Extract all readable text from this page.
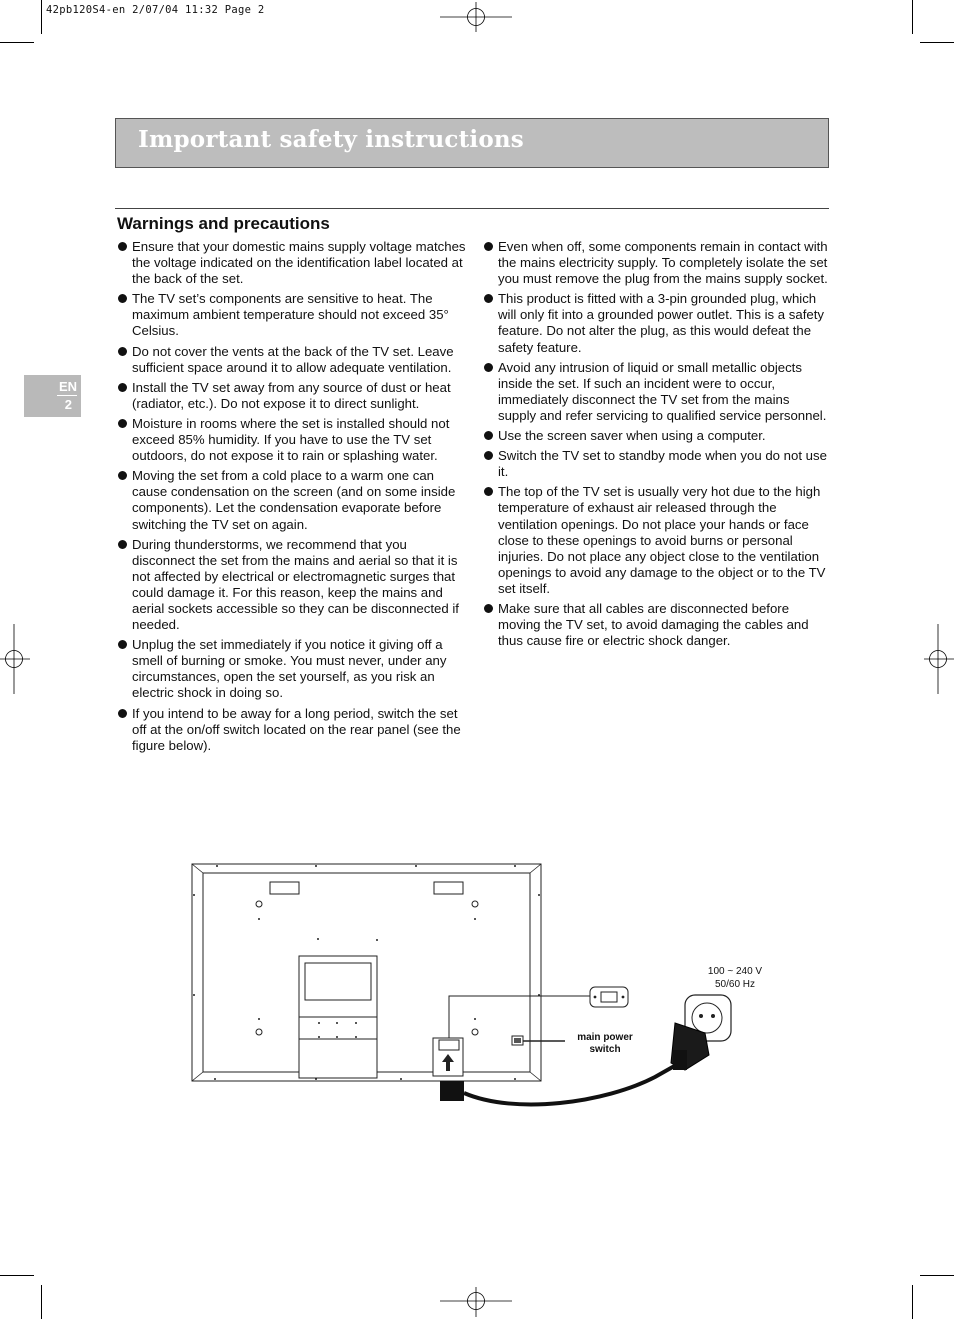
42pb120S4-en 2/07/04 11:32 Page 2
Important safety instructions
EN
2
Warnings and precautions
Ensure that your domestic mains supply voltage matches the voltage indicated on the identification label located at the back of the set.
The TV set’s components are sensitive to heat. The maximum ambient temperature should not exceed 35° Celsius.
Do not cover the vents at the back of the TV set. Leave sufficient space around it to allow adequate ventilation.
Install the TV set away from any source of dust or heat (radiator, etc.). Do not expose it to direct sunlight.
Moisture in rooms where the set is installed should not exceed 85% humidity. If you have to use the TV set outdoors, do not expose it to rain or splashing water.
Moving the set from a cold place to a warm one can cause condensation on the screen (and on some inside components). Let the condensation evaporate before switching the TV set on again.
During thunderstorms, we recommend that you disconnect the set from the mains and aerial so that it is not affected by electrical or electromagnetic surges that could damage it. For this reason, keep the mains and aerial sockets accessible so they can be disconnected if needed.
Unplug the set immediately if you notice it giving off a smell of burning or smoke. You must never, under any circumstances, open the set yourself, as you risk an electric shock in doing so.
If you intend to be away for a long period, switch the set off at the on/off switch located on the rear panel (see the figure below).
Even when off, some components remain in contact with the mains electricity supply. To completely isolate the set you must remove the plug from the mains supply socket.
This product is fitted with a 3-pin grounded plug, which will only fit into a grounded power outlet. This is a safety feature. Do not alter the plug, as this would defeat the safety feature.
Avoid any intrusion of liquid or small metallic objects inside the set. If such an incident were to occur, immediately disconnect the TV set from the mains supply and refer servicing to qualified service personnel.
Use the screen saver when using a computer.
Switch the TV set to standby mode when you do not use it.
The top of the TV set is usually very hot due to the high temperature of exhaust air released through the ventilation openings. Do not place your hands or face close to these openings to avoid burns or personal injuries. Do not place any object close to the ventilation openings to avoid any damage to the object or to the TV set itself.
Make sure that all cables are disconnected before moving the TV set, to avoid damaging the cables and thus cause fire or electric shock danger.
100 ~ 240 V
50/60 Hz
main power
switch
